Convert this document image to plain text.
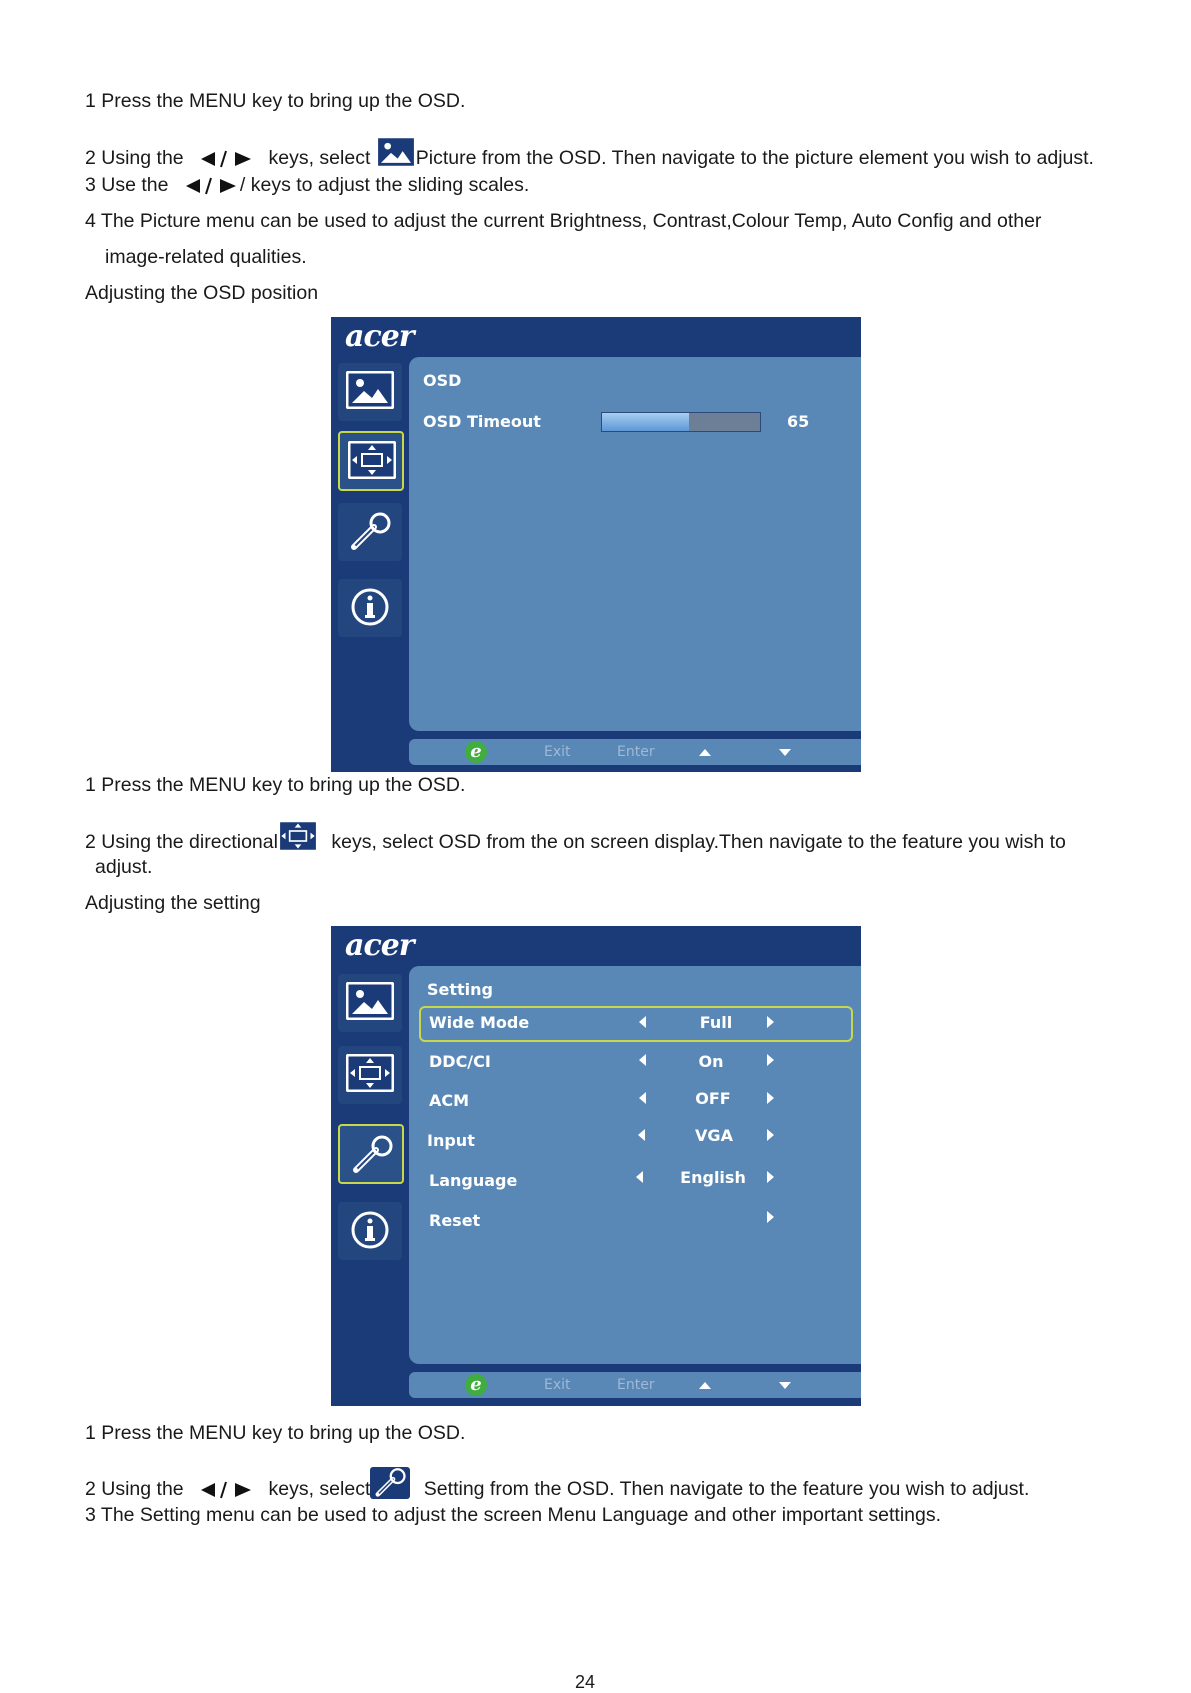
1 Press the MENU key to bring up the OSD.
2 Using the	keys, select Picture from the OSD. Then navigate to the picture element you wish to adjust.
3 Use the	/ keys to adjust the sliding scales.
4 The Picture menu can be used to adjust the current Brightness, Contrast,Colour Temp, Auto Config and other
image-related qualities.
Adjusting the OSD position
acer
OSD
OSD Timeout	65
e	Exit	Enter
1 Press the MENU key to bring up the OSD.
2 Using the directional	keys, select OSD from the on screen display.Then navigate to the feature you wish to
adjust.
Adjusting the setting
acer
Setting
Wide Mode	Full
DDC/CI	On
ACM	OFF
Input	VGA
Language	English
Reset
e	Exit	Enter
1 Press the MENU key to bring up the OSD.
2 Using the	keys, select	Setting from the OSD. Then navigate to the feature you wish to adjust.
3 The Setting menu can be used to adjust the screen Menu Language and other important settings.
24
